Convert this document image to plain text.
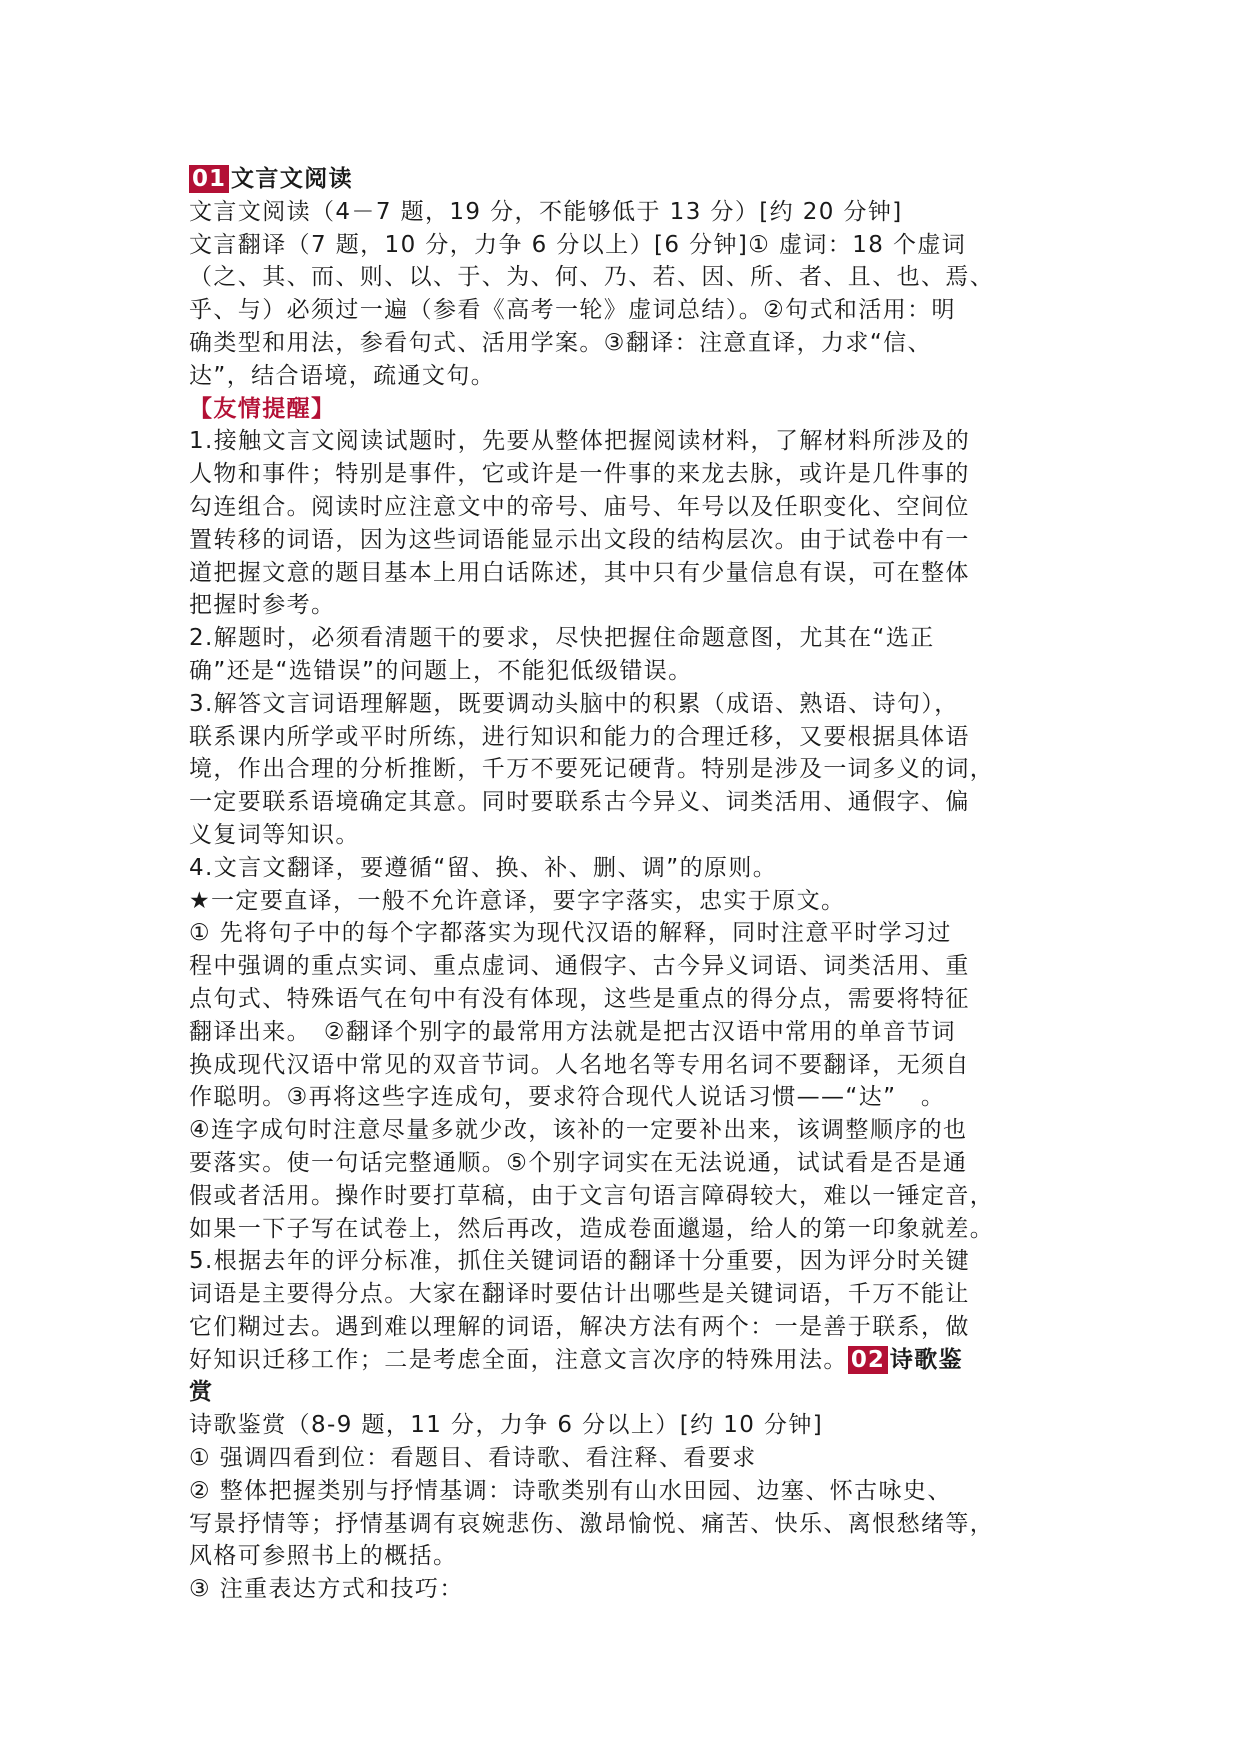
01 文言文阅读

文言文阅读（4－7 题，19 分，不能够低于 13 分）[约 20 分钟]

文言翻译（7 题，10 分，力争 6 分以上）[6 分钟]① 虚词：18 个虚词

（之、其、而、则、以、于、为、何、乃、若、因、所、者、且、也、焉、

乎、与）必须过一遍（参看《高考一轮》虚词总结）。②句式和活用：明

确类型和用法，参看句式、活用学案。③翻译：注意直译，力求“信、

达”，结合语境，疏通文句。

【友情提醒】

1.接触文言文阅读试题时，先要从整体把握阅读材料，了解材料所涉及的

人物和事件；特别是事件，它或许是一件事的来龙去脉，或许是几件事的

勾连组合。阅读时应注意文中的帝号、庙号、年号以及任职变化、空间位

置转移的词语，因为这些词语能显示出文段的结构层次。由于试卷中有一

道把握文意的题目基本上用白话陈述，其中只有少量信息有误，可在整体

把握时参考。

2.解题时，必须看清题干的要求，尽快把握住命题意图，尤其在“选正

确”还是“选错误”的问题上，不能犯低级错误。

3.解答文言词语理解题，既要调动头脑中的积累（成语、熟语、诗句），

联系课内所学或平时所练，进行知识和能力的合理迁移，又要根据具体语

境，作出合理的分析推断，千万不要死记硬背。特别是涉及一词多义的词，

一定要联系语境确定其意。同时要联系古今异义、词类活用、通假字、偏

义复词等知识。

4.文言文翻译，要遵循“留、换、补、删、调”的原则。

★一定要直译，一般不允许意译，要字字落实，忠实于原文。

① 先将句子中的每个字都落实为现代汉语的解释，同时注意平时学习过

程中强调的重点实词、重点虚词、通假字、古今异义词语、词类活用、重

点句式、特殊语气在句中有没有体现，这些是重点的得分点，需要将特征

翻译出来。　②翻译个别字的最常用方法就是把古汉语中常用的单音节词

换成现代汉语中常见的双音节词。人名地名等专用名词不要翻译，无须自

作聪明。③再将这些字连成句，要求符合现代人说话习惯——“达”　。

④连字成句时注意尽量多就少改，该补的一定要补出来，该调整顺序的也

要落实。使一句话完整通顺。⑤个别字词实在无法说通，试试看是否是通

假或者活用。操作时要打草稿，由于文言句语言障碍较大，难以一锤定音，

如果一下子写在试卷上，然后再改，造成卷面邋遢，给人的第一印象就差。

5.根据去年的评分标准，抓住关键词语的翻译十分重要，因为评分时关键

词语是主要得分点。大家在翻译时要估计出哪些是关键词语，千万不能让

它们糊过去。遇到难以理解的词语，解决方法有两个：一是善于联系，做

好知识迁移工作；二是考虑全面，注意文言次序的特殊用法。 02 诗歌鉴

赏

诗歌鉴赏（8-9 题，11 分，力争 6 分以上）[约 10 分钟]

① 强调四看到位：看题目、看诗歌、看注释、看要求

② 整体把握类别与抒情基调：诗歌类别有山水田园、边塞、怀古咏史、

写景抒情等；抒情基调有哀婉悲伤、激昂愉悦、痛苦、快乐、离恨愁绪等，

风格可参照书上的概括。

③ 注重表达方式和技巧：
